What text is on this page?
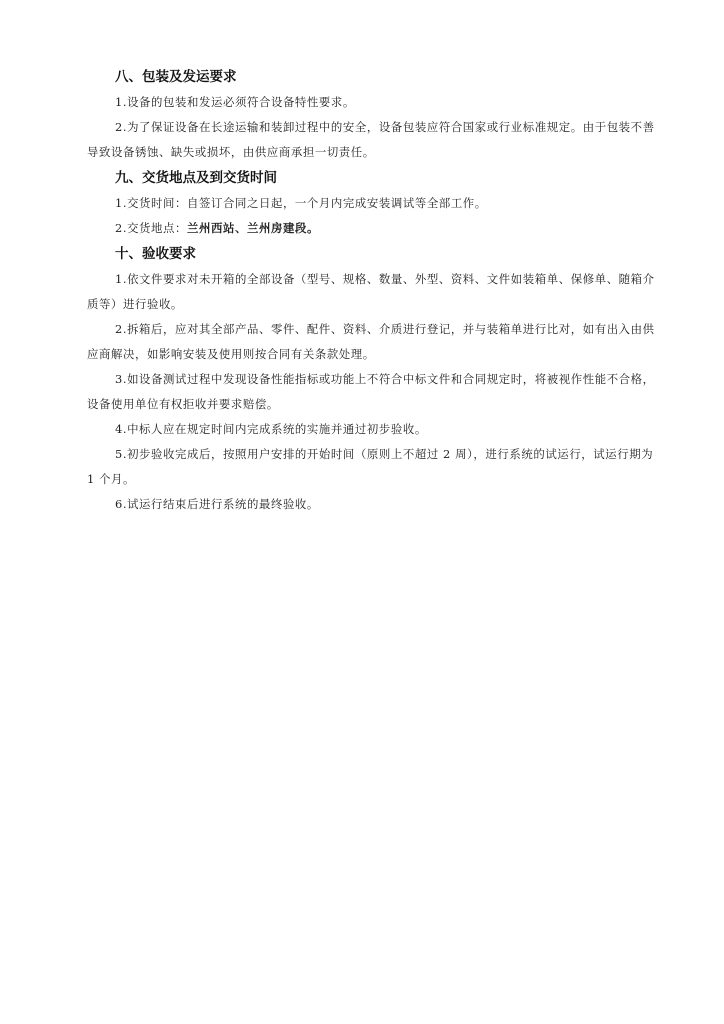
八、包装及发运要求

1.设备的包装和发运必须符合设备特性要求。

2.为了保证设备在长途运输和装卸过程中的安全，设备包装应符合国家或行业标准规定。由于包装不善导致设备锈蚀、缺失或损坏，由供应商承担一切责任。

九、交货地点及到交货时间

1.交货时间：自签订合同之日起，一个月内完成安装调试等全部工作。

2.交货地点：兰州西站、兰州房建段。

十、验收要求

1.依文件要求对未开箱的全部设备（型号、规格、数量、外型、资料、文件如装箱单、保修单、随箱介质等）进行验收。

2.拆箱后，应对其全部产品、零件、配件、资料、介质进行登记，并与装箱单进行比对，如有出入由供应商解决，如影响安装及使用则按合同有关条款处理。

3.如设备测试过程中发现设备性能指标或功能上不符合中标文件和合同规定时，将被视作性能不合格，设备使用单位有权拒收并要求赔偿。

4.中标人应在规定时间内完成系统的实施并通过初步验收。

5.初步验收完成后，按照用户安排的开始时间（原则上不超过 2 周），进行系统的试运行，试运行期为 1 个月。

6.试运行结束后进行系统的最终验收。
